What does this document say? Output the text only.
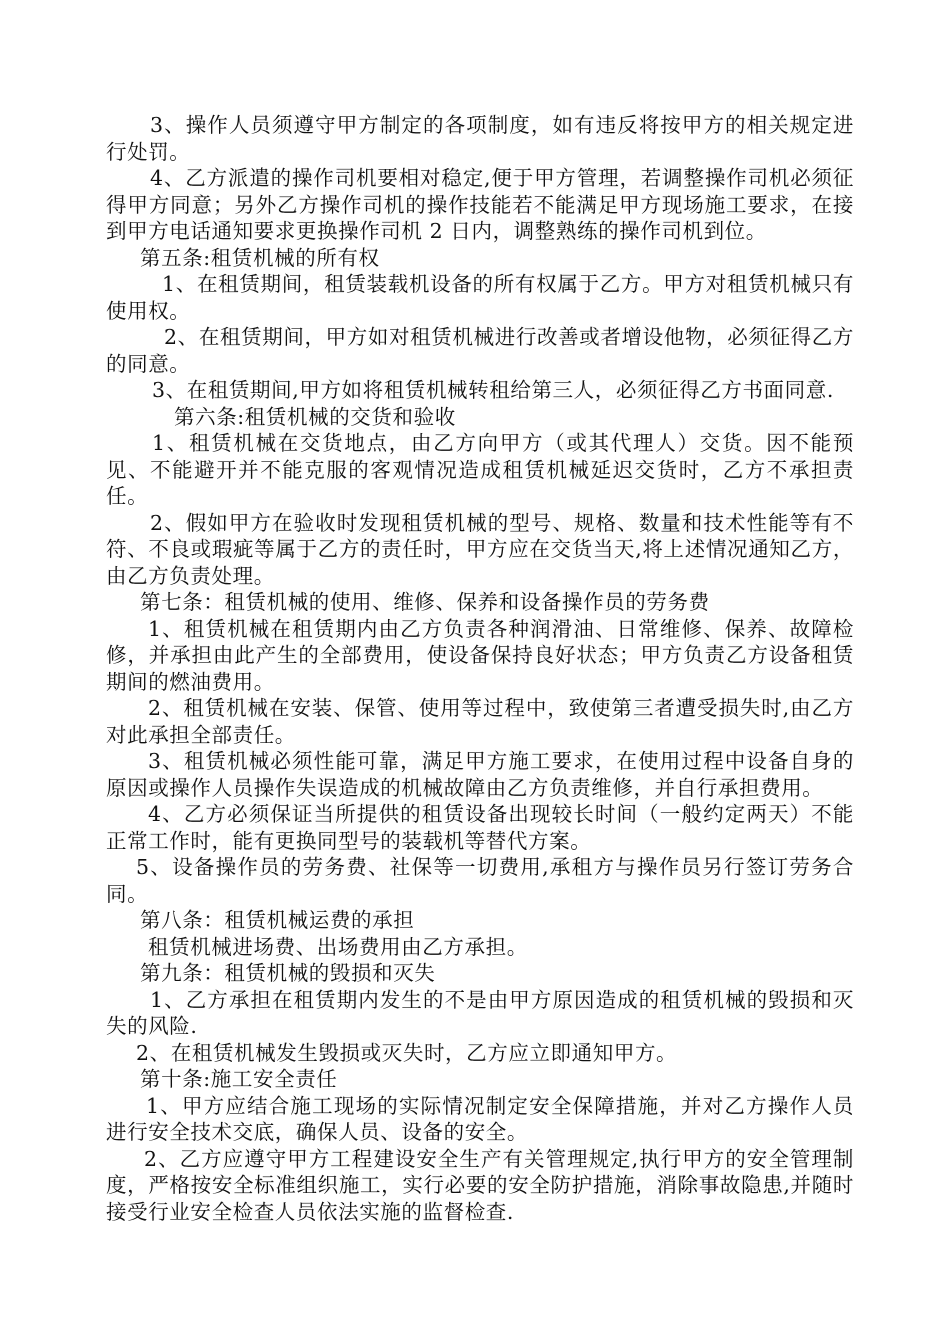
3、操作人员须遵守甲方制定的各项制度，如有违反将按甲方的相关规定进行处罚。

4、乙方派遣的操作司机要相对稳定,便于甲方管理，若调整操作司机必须征得甲方同意；另外乙方操作司机的操作技能若不能满足甲方现场施工要求，在接到甲方电话通知要求更换操作司机 2 日内，调整熟练的操作司机到位。

第五条:租赁机械的所有权

1、在租赁期间，租赁装载机设备的所有权属于乙方。甲方对租赁机械只有使用权。

2、在租赁期间，甲方如对租赁机械进行改善或者增设他物，必须征得乙方的同意。

3、在租赁期间,甲方如将租赁机械转租给第三人，必须征得乙方书面同意.

第六条:租赁机械的交货和验收

1、租赁机械在交货地点，由乙方向甲方（或其代理人）交货。因不能预见、不能避开并不能克服的客观情况造成租赁机械延迟交货时，乙方不承担责任。

2、假如甲方在验收时发现租赁机械的型号、规格、数量和技术性能等有不符、不良或瑕疵等属于乙方的责任时，甲方应在交货当天,将上述情况通知乙方，由乙方负责处理。

第七条：租赁机械的使用、维修、保养和设备操作员的劳务费

1、租赁机械在租赁期内由乙方负责各种润滑油、日常维修、保养、故障检修，并承担由此产生的全部费用，使设备保持良好状态；甲方负责乙方设备租赁期间的燃油费用。

2、租赁机械在安装、保管、使用等过程中，致使第三者遭受损失时,由乙方对此承担全部责任。

3、租赁机械必须性能可靠，满足甲方施工要求，在使用过程中设备自身的原因或操作人员操作失误造成的机械故障由乙方负责维修，并自行承担费用。

4、乙方必须保证当所提供的租赁设备出现较长时间（一般约定两天）不能正常工作时，能有更换同型号的装载机等替代方案。

5、设备操作员的劳务费、社保等一切费用,承租方与操作员另行签订劳务合同。

第八条：租赁机械运费的承担

租赁机械进场费、出场费用由乙方承担。

第九条：租赁机械的毁损和灭失

1、乙方承担在租赁期内发生的不是由甲方原因造成的租赁机械的毁损和灭失的风险.

2、在租赁机械发生毁损或灭失时，乙方应立即通知甲方。

第十条:施工安全责任

1、甲方应结合施工现场的实际情况制定安全保障措施，并对乙方操作人员进行安全技术交底，确保人员、设备的安全。

2、乙方应遵守甲方工程建设安全生产有关管理规定,执行甲方的安全管理制度，严格按安全标准组织施工，实行必要的安全防护措施，消除事故隐患,并随时接受行业安全检查人员依法实施的监督检查.
